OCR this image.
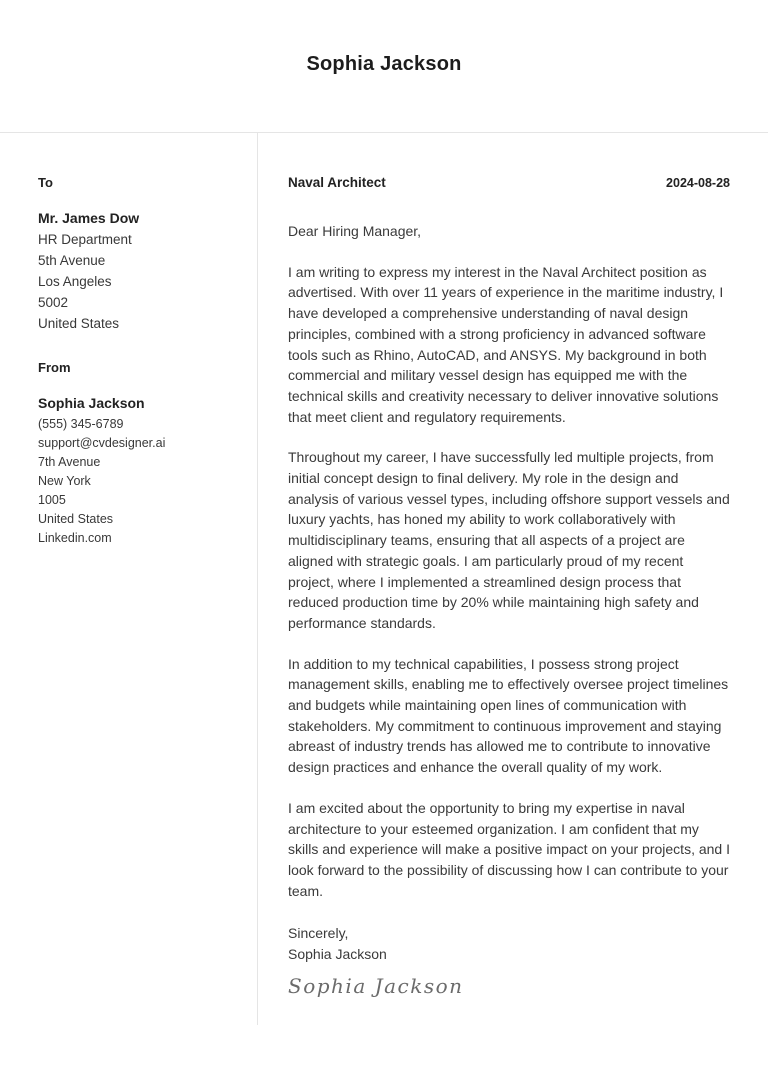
Sophia Jackson
To
Mr. James Dow
HR Department
5th Avenue
Los Angeles
5002
United States
From
Sophia Jackson
(555) 345-6789
support@cvdesigner.ai
7th Avenue
New York
1005
United States
Linkedin.com
Naval Architect	2024-08-28

Dear Hiring Manager,

I am writing to express my interest in the Naval Architect position as advertised. With over 11 years of experience in the maritime industry, I have developed a comprehensive understanding of naval design principles, combined with a strong proficiency in advanced software tools such as Rhino, AutoCAD, and ANSYS. My background in both commercial and military vessel design has equipped me with the technical skills and creativity necessary to deliver innovative solutions that meet client and regulatory requirements.

Throughout my career, I have successfully led multiple projects, from initial concept design to final delivery. My role in the design and analysis of various vessel types, including offshore support vessels and luxury yachts, has honed my ability to work collaboratively with multidisciplinary teams, ensuring that all aspects of a project are aligned with strategic goals. I am particularly proud of my recent project, where I implemented a streamlined design process that reduced production time by 20% while maintaining high safety and performance standards.

In addition to my technical capabilities, I possess strong project management skills, enabling me to effectively oversee project timelines and budgets while maintaining open lines of communication with stakeholders. My commitment to continuous improvement and staying abreast of industry trends has allowed me to contribute to innovative design practices and enhance the overall quality of my work.

I am excited about the opportunity to bring my expertise in naval architecture to your esteemed organization. I am confident that my skills and experience will make a positive impact on your projects, and I look forward to the possibility of discussing how I can contribute to your team.

Sincerely,
Sophia Jackson
Sophia Jackson
